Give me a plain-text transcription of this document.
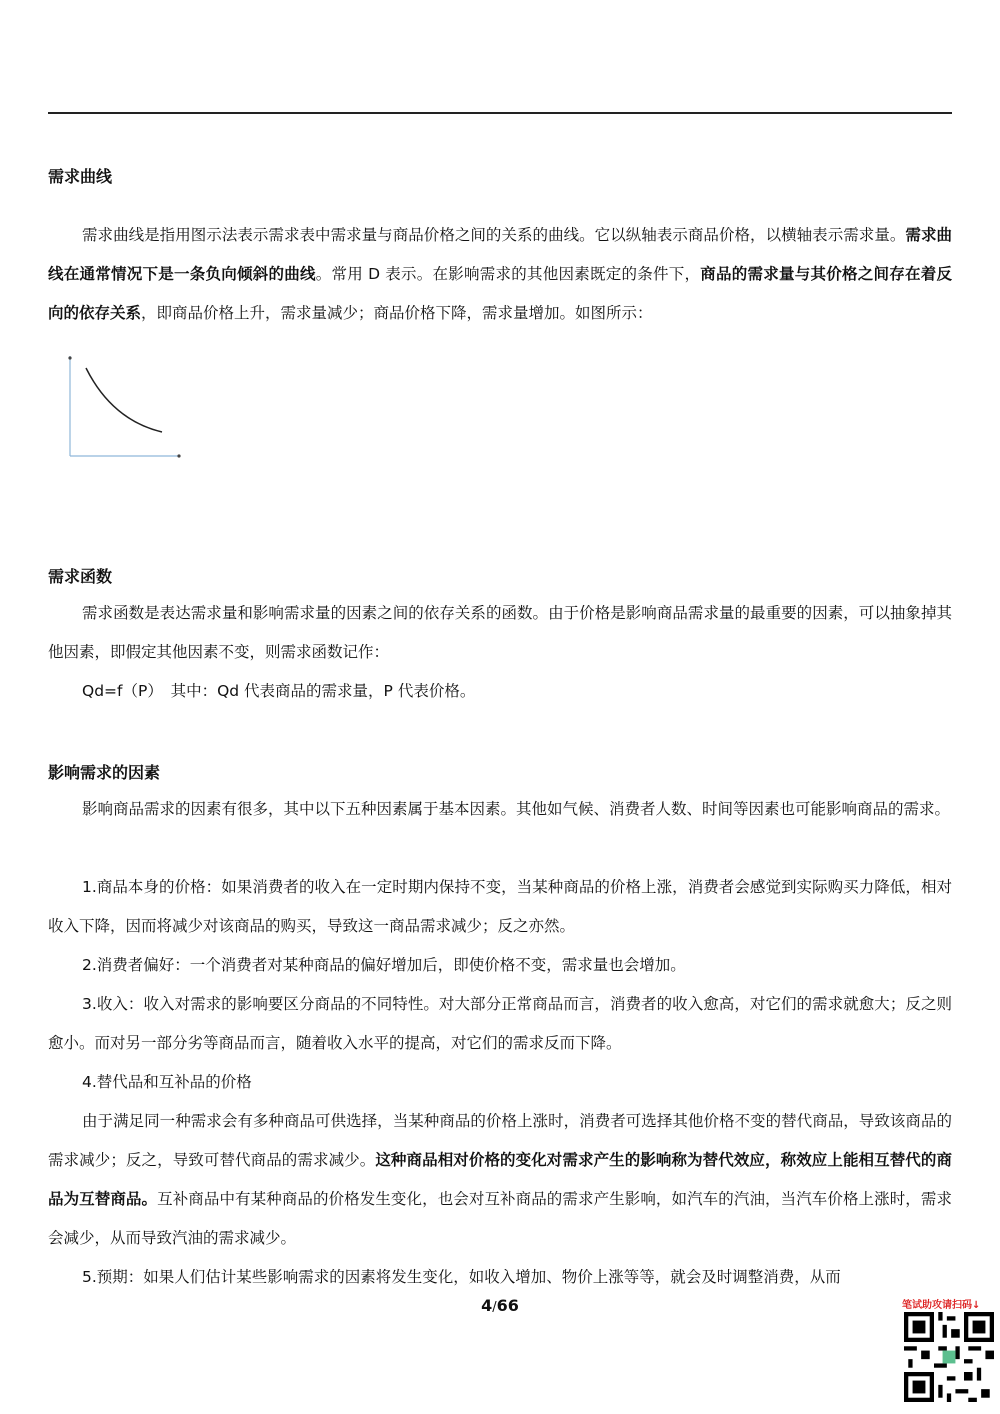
需求曲线

需求曲线是指用图示法表示需求表中需求量与商品价格之间的关系的曲线。它以纵轴表示商品价格，以横轴表示需求量。需求曲线在通常情况下是一条负向倾斜的曲线。常用 D 表示。在影响需求的其他因素既定的条件下，商品的需求量与其价格之间存在着反向的依存关系，即商品价格上升，需求量减少；商品价格下降，需求量增加。如图所示：

需求函数

需求函数是表达需求量和影响需求量的因素之间的依存关系的函数。由于价格是影响商品需求量的最重要的因素，可以抽象掉其他因素，即假定其他因素不变，则需求函数记作：

Qd=f（P）　其中：Qd 代表商品的需求量，P 代表价格。

影响需求的因素

影响商品需求的因素有很多，其中以下五种因素属于基本因素。其他如气候、消费者人数、时间等因素也可能影响商品的需求。

1.商品本身的价格：如果消费者的收入在一定时期内保持不变，当某种商品的价格上涨，消费者会感觉到实际购买力降低，相对收入下降，因而将减少对该商品的购买，导致这一商品需求减少；反之亦然。

2.消费者偏好：一个消费者对某种商品的偏好增加后，即使价格不变，需求量也会增加。

3.收入：收入对需求的影响要区分商品的不同特性。对大部分正常商品而言，消费者的收入愈高，对它们的需求就愈大；反之则愈小。而对另一部分劣等商品而言，随着收入水平的提高，对它们的需求反而下降。

4.替代品和互补品的价格

由于满足同一种需求会有多种商品可供选择，当某种商品的价格上涨时，消费者可选择其他价格不变的替代商品，导致该商品的需求减少；反之，导致可替代商品的需求减少。这种商品相对价格的变化对需求产生的影响称为替代效应，称效应上能相互替代的商品为互替商品。互补商品中有某种商品的价格发生变化，也会对互补商品的需求产生影响，如汽车的汽油，当汽车价格上涨时，需求会减少，从而导致汽油的需求减少。

5.预期：如果人们估计某些影响需求的因素将发生变化，如收入增加、物价上涨等等，就会及时调整消费，从而

4/66	笔试助攻请扫码↓
